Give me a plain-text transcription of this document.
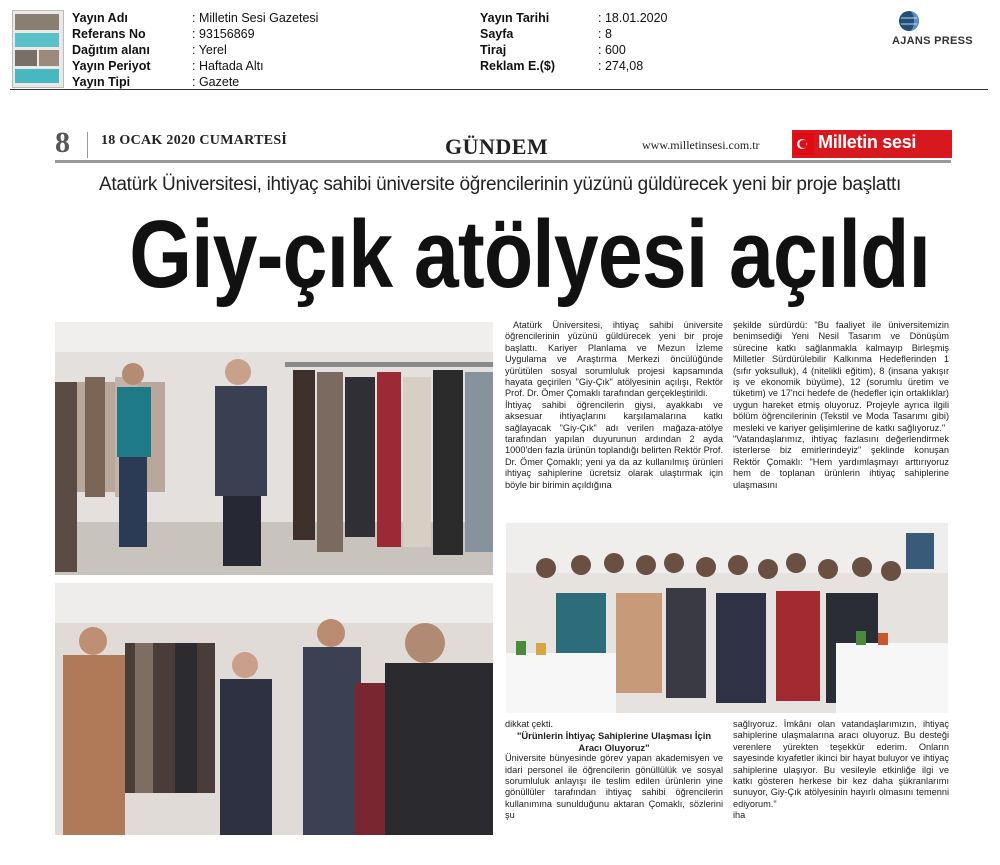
Yayın Adı	: Milletin Sesi Gazetesi
Referans No	: 93156869
Dağıtım alanı	: Yerel
Yayın Periyot	: Haftada Altı
Yayın Tipi	: Gazete
Yayın Tarihi	: 18.01.2020
Sayfa	: 8
Tiraj	: 600
Reklam E.($)	: 274,08
AJANS PRESS
8 18 OCAK 2020 CUMARTESİ	GÜNDEM	www.milletinsesi.com.tr	Milletin sesi
Atatürk Üniversitesi, ihtiyaç sahibi üniversite öğrencilerinin yüzünü güldürecek yeni bir proje başlattı
Giy-çık atölyesi açıldı

Atatürk Üniversitesi, ihtiyaç sahibi üniversite öğrencilerinin yüzünü güldürecek yeni bir proje başlattı. Kariyer Planlama ve Mezun İzleme Uygulama ve Araştırma Merkezi öncülüğünde yürütülen sosyal sorumluluk projesi kapsamında hayata geçirilen "Giy-Çık" atölyesinin açılışı, Rektör Prof. Dr. Ömer Çomaklı tarafından gerçekleştirildi.

İhtiyaç sahibi öğrencilerin giysi, ayakkabı ve aksesuar ihtiyaçlarını karşılamalarına katkı sağlayacak "Giy-Çık" adı verilen mağaza-atölye tarafından yapılan duyurunun ardından 2 ayda 1000'den fazla ürünün toplandığı belirten Rektör Prof. Dr. Ömer Çomaklı; yeni ya da az kullanılmış ürünleri ihtiyaç sahiplerine ücretsiz olarak ulaştırmak için böyle bir birimin açıldığına

şekilde sürdürdü: "Bu faaliyet ile üniversitemizin benimsediği Yeni Nesil Tasarım ve Dönüşüm sürecine katkı sağlanmakla kalmayıp Birleşmiş Milletler Sürdürülebilir Kalkınma Hedeflerinden 1 (sıfır yoksulluk), 4 (nitelikli eğitim), 8 (insana yakışır iş ve ekonomik büyüme), 12 (sorumlu üretim ve tüketim) ve 17'nci hedefe de (hedefler için ortaklıklar) uygun hareket etmiş oluyoruz. Projeyle ayrıca ilgili bölüm öğrencilerinin (Tekstil ve Moda Tasarımı gibi) mesleki ve kariyer gelişimlerine de katkı sağlıyoruz."

"Vatandaşlarımız, ihtiyaç fazlasını değerlendirmek isterlerse biz emirlerindeyiz" şeklinde konuşan Rektör Çomaklı: "Hem yardımlaşmayı arttırıyoruz hem de toplanan ürünlerin ihtiyaç sahiplerine ulaşmasını

dikkat çekti.

"Ürünlerin İhtiyaç Sahiplerine Ulaşması İçin Aracı Oluyoruz"

Üniversite bünyesinde görev yapan akademisyen ve idari personel ile öğrencilerin gönüllülük ve sosyal sorumluluk anlayışı ile teslim edilen ürünlerin yine gönüllüler tarafından ihtiyaç sahibi öğrencilerin kullanımına sunulduğunu aktaran Çomaklı, sözlerini şu

sağlıyoruz. İmkânı olan vatandaşlarımızın, ihtiyaç sahiplerine ulaşmalarına aracı oluyoruz. Bu desteği verenlere yürekten teşekkür ederim. Onların sayesinde kıyafetler ikinci bir hayat buluyor ve ihtiyaç sahiplerine ulaşıyor. Bu vesileyle etkinliğe ilgi ve katkı gösteren herkese bir kez daha şükranlarımı sunuyor, Giy-Çık atölyesinin hayırlı olmasını temenni ediyorum."

iha
